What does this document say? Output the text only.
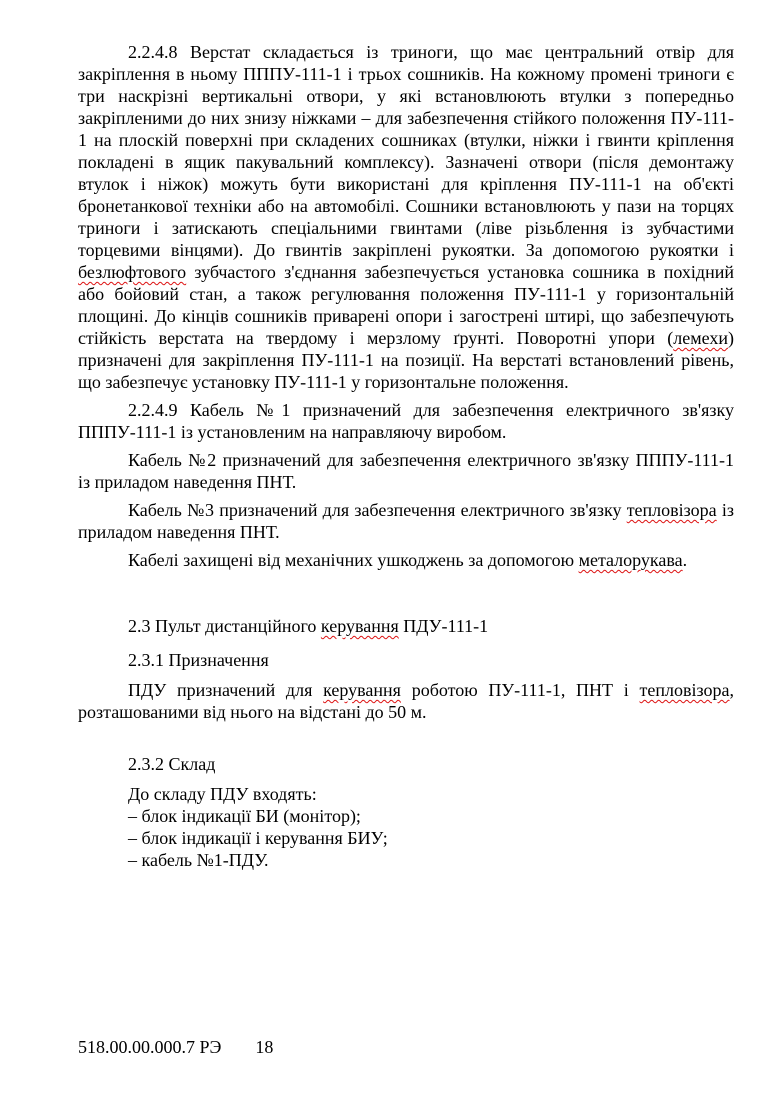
2.2.4.8 Верстат складається із триноги, що має центральний отвір для закріплення в ньому ПППУ-111-1 і трьох сошників. На кожному промені триноги є три наскрізні вертикальні отвори, у які встановлюють втулки з попередньо закріпленими до них знизу ніжками – для забезпечення стійкого положення ПУ-111-1 на плоскій поверхні при складених сошниках (втулки, ніжки і гвинти кріплення покладені в ящик пакувальний комплексу). Зазначені отвори (після демонтажу втулок і ніжок) можуть бути використані для кріплення ПУ-111-1 на об'єкті бронетанкової техніки або на автомобілі. Сошники встановлюють у пази на торцях триноги і затискають спеціальними гвинтами (ліве різьблення із зубчастими торцевими вінцями). До гвинтів закріплені рукоятки. За допомогою рукоятки і безлюфтового зубчастого з'єднання забезпечується установка сошника в похідний або бойовий стан, а також регулювання положення ПУ-111-1 у горизонтальній площині. До кінців сошників приварені опори і загострені штирі, що забезпечують стійкість верстата на твердому і мерзлому ґрунті. Поворотні упори (лемехи) призначені для закріплення ПУ-111-1 на позиції. На верстаті встановлений рівень, що забезпечує установку ПУ-111-1 у горизонтальне положення.

2.2.4.9 Кабель №1 призначений для забезпечення електричного зв'язку ПППУ-111-1 із установленим на направляючу виробом.

Кабель №2 призначений для забезпечення електричного зв'язку ПППУ-111-1 із приладом наведення ПНТ.

Кабель №3 призначений для забезпечення електричного зв'язку тепловізора із приладом наведення ПНТ.

Кабелі захищені від механічних ушкоджень за допомогою металорукава.

2.3 Пульт дистанційного керування ПДУ-111-1

2.3.1 Призначення

ПДУ призначений для керування роботою ПУ-111-1, ПНТ і тепловізора, розташованими від нього на відстані до 50 м.

2.3.2 Склад

До складу ПДУ входять:

– блок індикації БИ (монітор);

– блок індикації і керування БИУ;

– кабель №1-ПДУ.

518.00.00.000.7 РЭ 18
